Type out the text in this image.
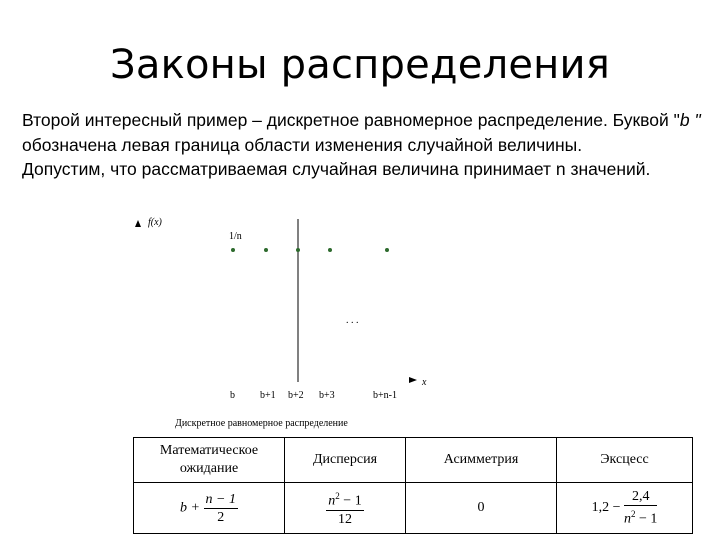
Законы распределения

Второй интересный пример – дискретное равномерное распределение. Буквой "b " обозначена левая граница области изменения случайной величины.

Допустим, что рассматриваемая случайная величина принимает n значений.

f(x)
x
1/n
. . .
b	b+1 b+2 b+3	b+n-1
Дискретное равномерное распределение
Математическое ожидание	Дисперсия	Асимметрия	Эксцесс
$b + \frac{n - 1}{2}$	$\frac{n^2 - 1}{12}$	0	$1,2 - \frac{2,4}{n^2 - 1}$
